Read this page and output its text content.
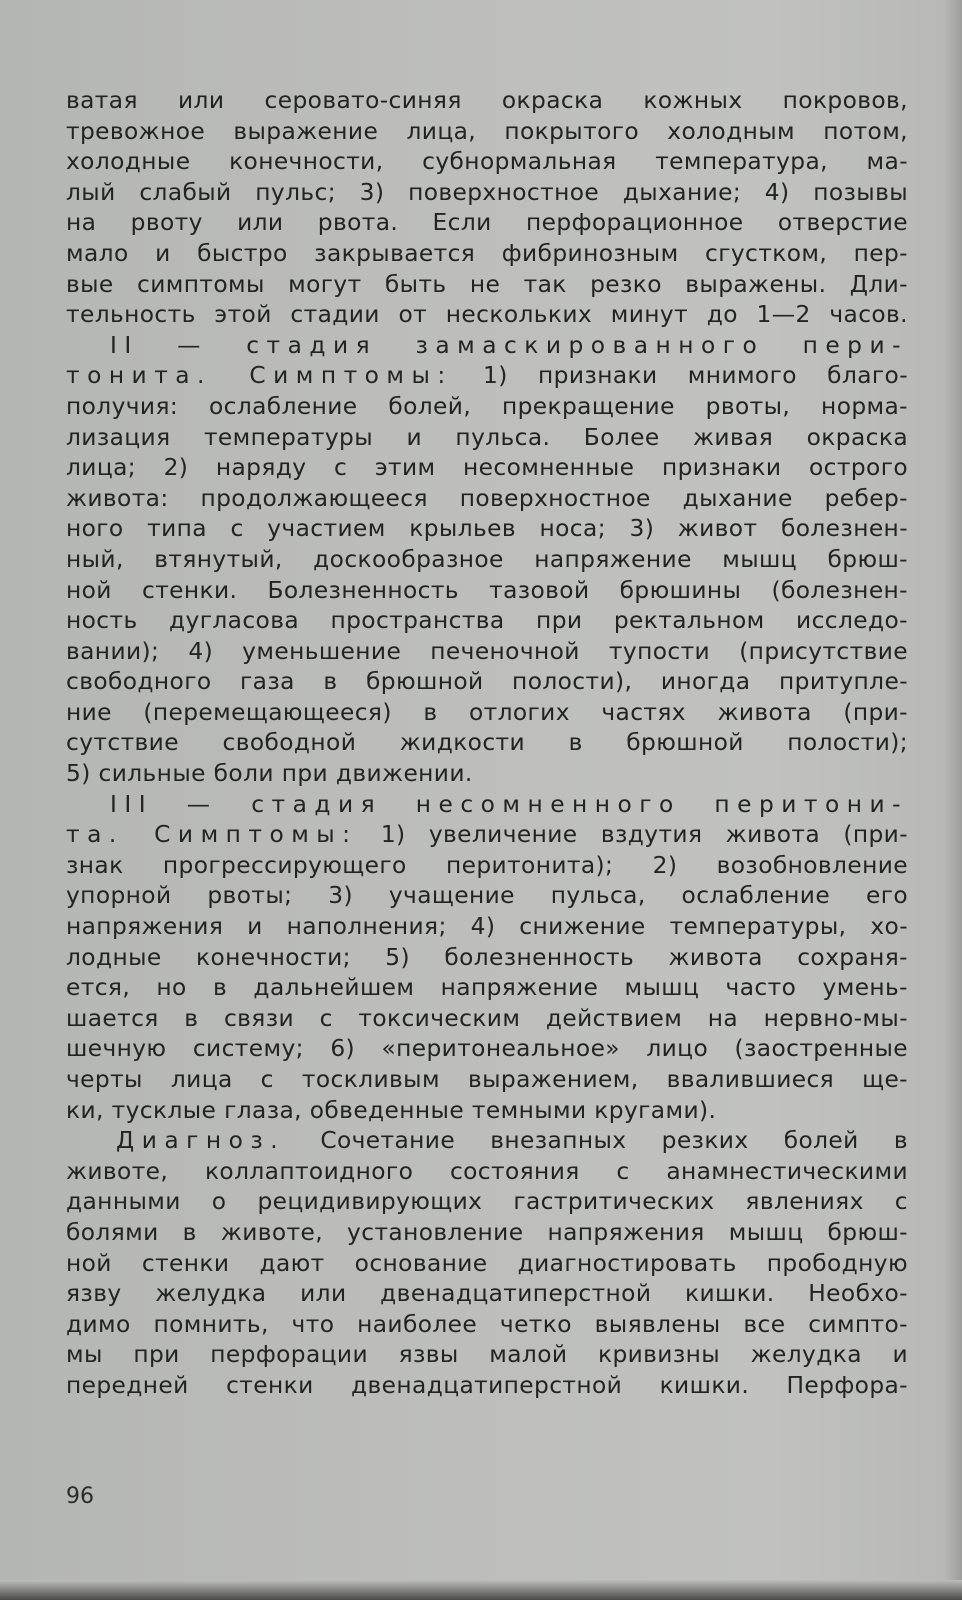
ватая или серовато-синяя окраска кожных покровов,
тревожное выражение лица, покрытого холодным потом,
холодные конечности, субнормальная температура, ма-
лый слабый пульс; 3) поверхностное дыхание; 4) позывы
на рвоту или рвота. Если перфорационное отверстие
мало и быстро закрывается фибринозным сгустком, пер-
вые симптомы могут быть не так резко выражены. Дли-
тельность этой стадии от нескольких минут до 1—2 часов.
II — стадия замаскированного пери-
тонита. Симптомы: 1) признаки мнимого благо-
получия: ослабление болей, прекращение рвоты, норма-
лизация температуры и пульса. Более живая окраска
лица; 2) наряду с этим несомненные признаки острого
живота: продолжающееся поверхностное дыхание ребер-
ного типа с участием крыльев носа; 3) живот болезнен-
ный, втянутый, доскообразное напряжение мышц брюш-
ной стенки. Болезненность тазовой брюшины (болезнен-
ность дугласова пространства при ректальном исследо-
вании); 4) уменьшение печеночной тупости (присутствие
свободного газа в брюшной полости), иногда притупле-
ние (перемещающееся) в отлогих частях живота (при-
сутствие свободной жидкости в брюшной полости);
5) сильные боли при движении.
III — стадия несомненного перитони-
та. Симптомы: 1) увеличение вздутия живота (при-
знак прогрессирующего перитонита); 2) возобновление
упорной рвоты; 3) учащение пульса, ослабление его
напряжения и наполнения; 4) снижение температуры, хо-
лодные конечности; 5) болезненность живота сохраня-
ется, но в дальнейшем напряжение мышц часто умень-
шается в связи с токсическим действием на нервно-мы-
шечную систему; 6) «перитонеальное» лицо (заостренные
черты лица с тоскливым выражением, ввалившиеся ще-
ки, тусклые глаза, обведенные темными кругами).
Диагноз. Сочетание внезапных резких болей в
животе, коллаптоидного состояния с анамнестическими
данными о рецидивирующих гастритических явлениях с
болями в животе, установление напряжения мышц брюш-
ной стенки дают основание диагностировать прободную
язву желудка или двенадцатиперстной кишки. Необхо-
димо помнить, что наиболее четко выявлены все симпто-
мы при перфорации язвы малой кривизны желудка и
передней стенки двенадцатиперстной кишки. Перфора-
96
